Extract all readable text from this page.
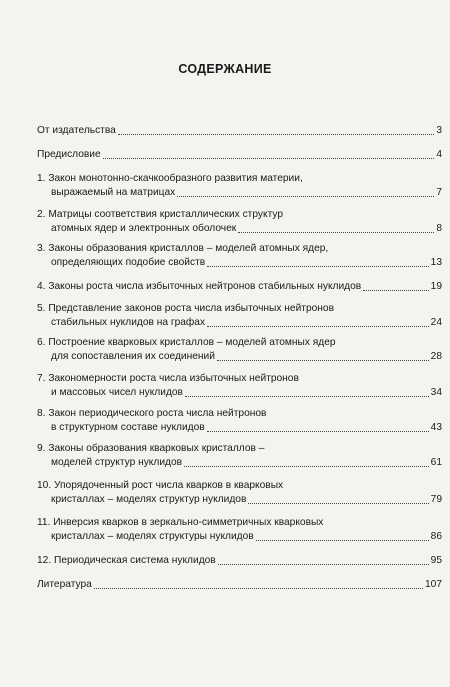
СОДЕРЖАНИЕ
От издательства	3
Предисловие	4
1. Закон монотонно-скачкообразного развития материи,
выражаемый на матрицах	7
2. Матрицы соответствия кристаллических структур
атомных ядер и электронных оболочек	8
3. Законы образования кристаллов – моделей атомных ядер,
определяющих подобие свойств	13
4. Законы роста числа избыточных нейтронов стабильных нуклидов	19
5. Представление законов роста числа избыточных нейтронов
стабильных нуклидов на графах	24
6. Построение кварковых кристаллов – моделей атомных ядер
для сопоставления их соединений	28
7. Закономерности роста числа избыточных нейтронов
и массовых чисел нуклидов	34
8. Закон периодического роста числа нейтронов
в структурном составе нуклидов	43
9. Законы образования кварковых кристаллов –
моделей структур нуклидов	61
10. Упорядоченный рост числа кварков в кварковых
кристаллах – моделях структур нуклидов	79
11. Инверсия кварков в зеркально-симметричных кварковых
кристаллах – моделях структуры нуклидов	86
12. Периодическая система нуклидов	95
Литература	107
